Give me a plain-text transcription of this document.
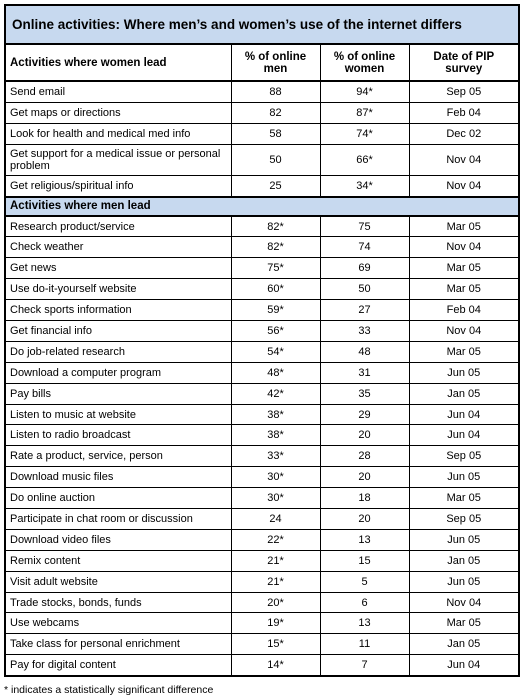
Online activities: Where men’s and women’s use of the internet differs			
Activities where women lead	% of online men	% of online women	Date of PIP survey
Send email	88	94*	Sep 05
Get maps or directions	82	87*	Feb 04
Look for health and medical med info	58	74*	Dec 02
Get support for a medical issue or personal problem	50	66*	Nov 04
Get religious/spiritual info	25	34*	Nov 04
Activities where men lead			
Research product/service	82*	75	Mar 05
Check weather	82*	74	Nov 04
Get news	75*	69	Mar 05
Use do-it-yourself website	60*	50	Mar 05
Check sports information	59*	27	Feb 04
Get financial info	56*	33	Nov 04
Do job-related research	54*	48	Mar 05
Download a computer program	48*	31	Jun 05
Pay bills	42*	35	Jan 05
Listen to music at website	38*	29	Jun 04
Listen to radio broadcast	38*	20	Jun 04
Rate a product, service, person	33*	28	Sep 05
Download music files	30*	20	Jun 05
Do online auction	30*	18	Mar 05
Participate in chat room or discussion	24	20	Sep 05
Download video files	22*	13	Jun 05
Remix content	21*	15	Jan 05
Visit adult website	21*	5	Jun 05
Trade stocks, bonds, funds	20*	6	Nov 04
Use webcams	19*	13	Mar 05
Take class for personal enrichment	15*	11	Jan 05
Pay for digital content	14*	7	Jun 04
* indicates a statistically significant difference
